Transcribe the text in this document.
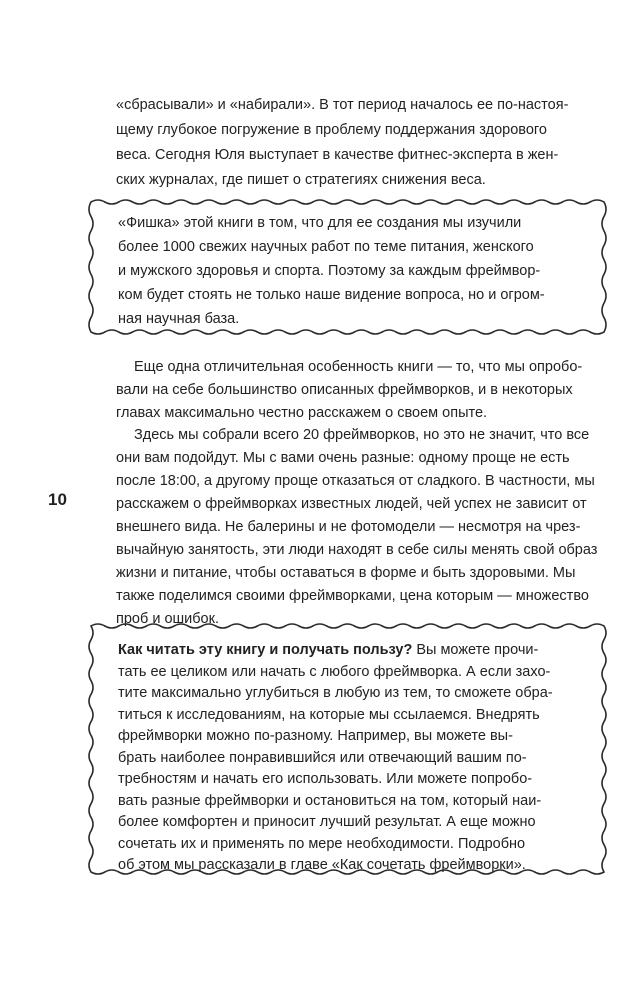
«сбрасывали» и «набирали». В тот период началось ее по-настоя-
щему глубокое погружение в проблему поддержания здорового
веса. Сегодня Юля выступает в качестве фитнес-эксперта в жен-
ских журналах, где пишет о стратегиях снижения веса.
«Фишка» этой книги в том, что для ее создания мы изучили
более 1000 свежих научных работ по теме питания, женского
и мужского здоровья и спорта. Поэтому за каждым фреймвор-
ком будет стоять не только наше видение вопроса, но и огром-
ная научная база.
Еще одна отличительная особенность книги — то, что мы опробо-
вали на себе большинство описанных фреймворков, и в некоторых
главах максимально честно расскажем о своем опыте.
Здесь мы собрали всего 20 фреймворков, но это не значит, что все
они вам подойдут. Мы с вами очень разные: одному проще не есть
после 18:00, а другому проще отказаться от сладкого. В частности, мы
расскажем о фреймворках известных людей, чей успех не зависит от
внешнего вида. Не балерины и не фотомодели — несмотря на чрез-
вычайную занятость, эти люди находят в себе силы менять свой образ
жизни и питание, чтобы оставаться в форме и быть здоровыми. Мы
также поделимся своими фреймворками, цена которым — множество
проб и ошибок.
10
Как читать эту книгу и получать пользу? Вы можете прочи-
тать ее целиком или начать с любого фреймворка. А если захо-
тите максимально углубиться в любую из тем, то сможете обра-
титься к исследованиям, на которые мы ссылаемся. Внедрять
фреймворки можно по-разному. Например, вы можете вы-
брать наиболее понравившийся или отвечающий вашим по-
требностям и начать его использовать. Или можете попробо-
вать разные фреймворки и остановиться на том, который наи-
более комфортен и приносит лучший результат. А еще можно
сочетать их и применять по мере необходимости. Подробно
об этом мы рассказали в главе «Как сочетать фреймворки».
